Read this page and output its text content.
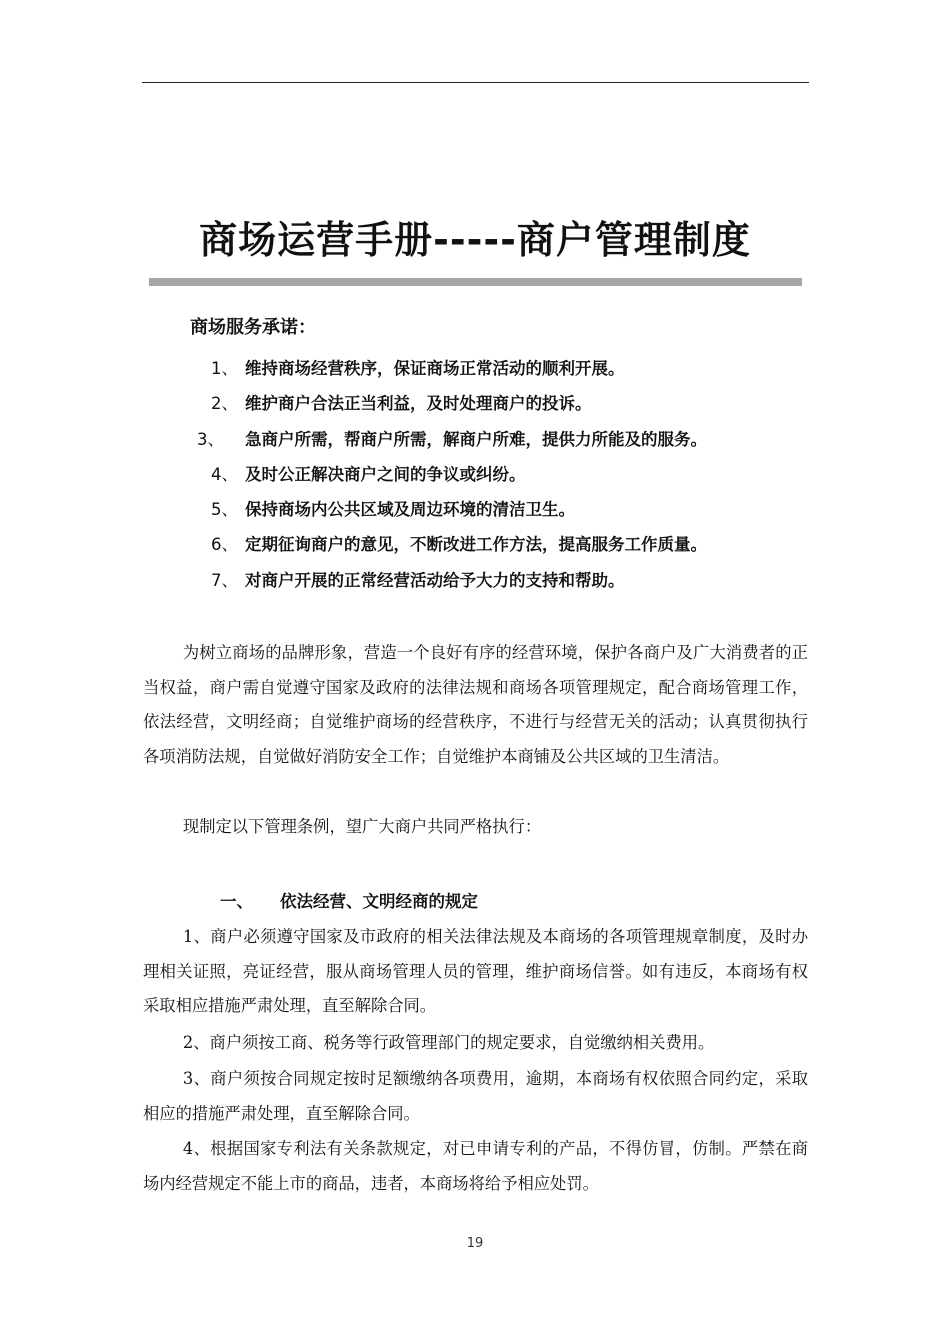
商场运营手册-----商户管理制度
商场服务承诺：
1、 维持商场经营秩序，保证商场正常活动的顺利开展。
2、 维护商户合法正当利益，及时处理商户的投诉。
3、 急商户所需，帮商户所需，解商户所难，提供力所能及的服务。
4、 及时公正解决商户之间的争议或纠纷。
5、 保持商场内公共区域及周边环境的清洁卫生。
6、 定期征询商户的意见，不断改进工作方法，提高服务工作质量。
7、 对商户开展的正常经营活动给予大力的支持和帮助。

为树立商场的品牌形象，营造一个良好有序的经营环境，保护各商户及广大消费者的正当权益，商户需自觉遵守国家及政府的法律法规和商场各项管理规定，配合商场管理工作，依法经营，文明经商；自觉维护商场的经营秩序，不进行与经营无关的活动；认真贯彻执行各项消防法规，自觉做好消防安全工作；自觉维护本商铺及公共区域的卫生清洁。

现制定以下管理条例，望广大商户共同严格执行：

一、 依法经营、文明经商的规定

1、商户必须遵守国家及市政府的相关法律法规及本商场的各项管理规章制度，及时办理相关证照，亮证经营，服从商场管理人员的管理，维护商场信誉。如有违反，本商场有权采取相应措施严肃处理，直至解除合同。

2、商户须按工商、税务等行政管理部门的规定要求，自觉缴纳相关费用。

3、商户须按合同规定按时足额缴纳各项费用，逾期，本商场有权依照合同约定，采取相应的措施严肃处理，直至解除合同。

4、根据国家专利法有关条款规定，对已申请专利的产品，不得仿冒，仿制。严禁在商场内经营规定不能上市的商品，违者，本商场将给予相应处罚。

19
